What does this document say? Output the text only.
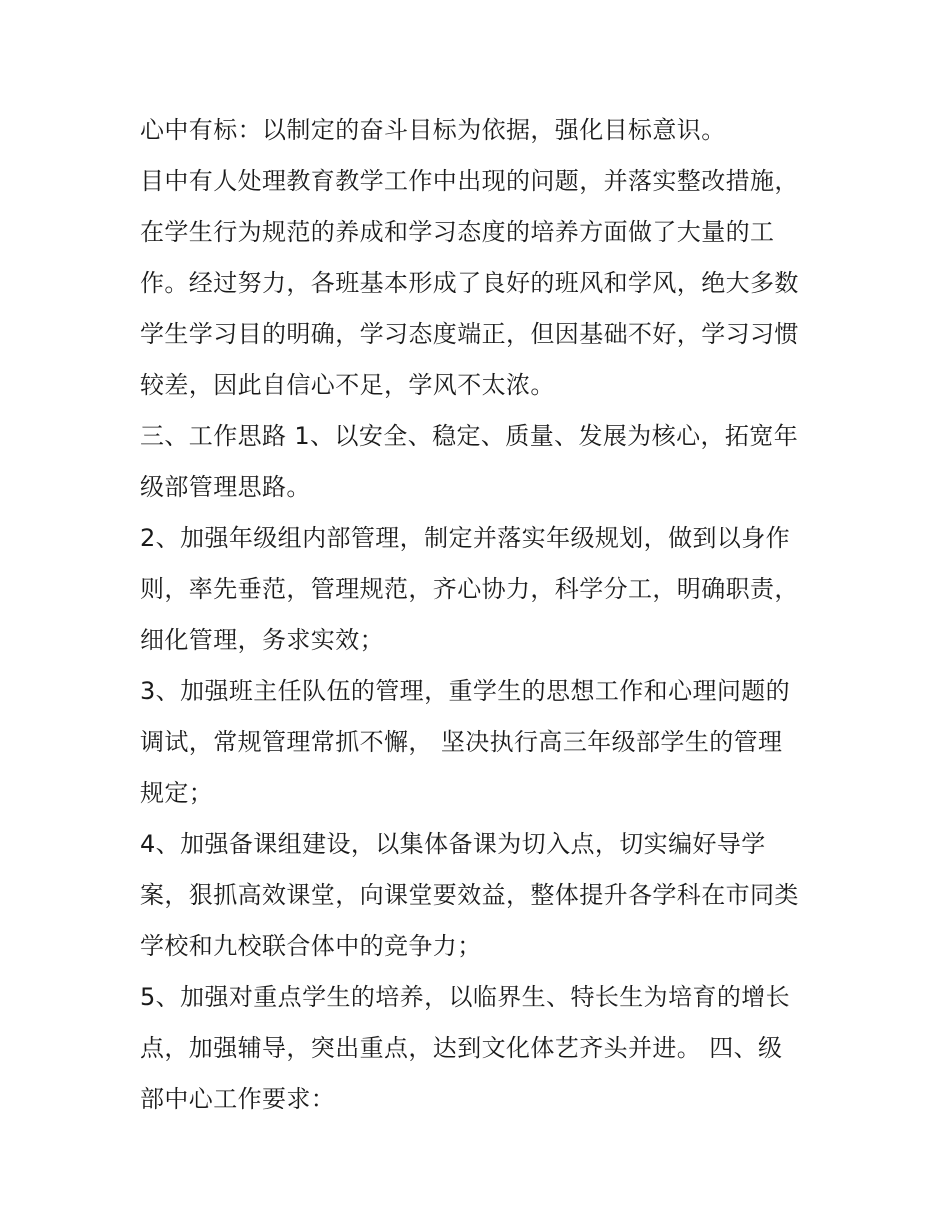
心中有标：以制定的奋斗目标为依据，强化目标意识。

目中有人处理教育教学工作中出现的问题，并落实整改措施，
在学生行为规范的养成和学习态度的培养方面做了大量的工
作。经过努力，各班基本形成了良好的班风和学风，绝大多数
学生学习目的明确，学习态度端正，但因基础不好，学习习惯
较差，因此自信心不足，学风不太浓。

三、工作思路 1、以安全、稳定、质量、发展为核心，拓宽年
级部管理思路。

2、加强年级组内部管理，制定并落实年级规划，做到以身作
则，率先垂范，管理规范，齐心协力，科学分工，明确职责，
细化管理，务求实效；

3、加强班主任队伍的管理，重学生的思想工作和心理问题的
调试，常规管理常抓不懈， 坚决执行高三年级部学生的管理
规定；

4、加强备课组建设，以集体备课为切入点，切实编好导学
案，狠抓高效课堂，向课堂要效益，整体提升各学科在市同类
学校和九校联合体中的竞争力；

5、加强对重点学生的培养，以临界生、特长生为培育的增长
点，加强辅导，突出重点，达到文化体艺齐头并进。 四、级
部中心工作要求：
